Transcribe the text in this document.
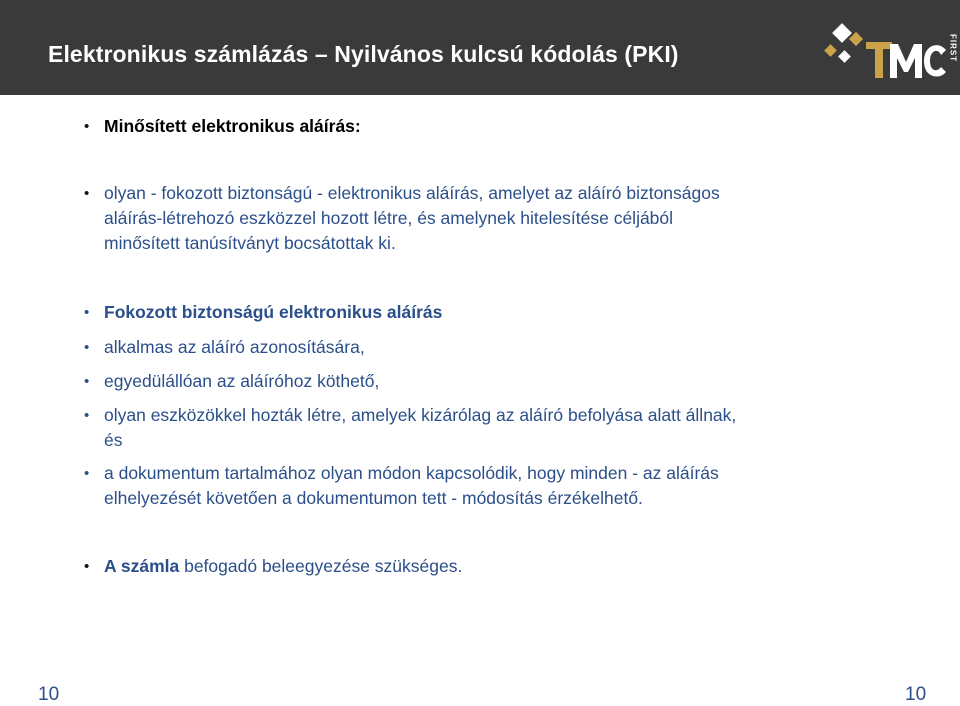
Elektronikus számlázás – Nyilvános kulcsú kódolás (PKI)	FIRST
• Minősített elektronikus aláírás:
• olyan - fokozott biztonságú - elektronikus aláírás, amelyet az aláíró biztonságos
aláírás-létrehozó eszközzel hozott létre, és amelynek hitelesítése céljából
minősített tanúsítványt bocsátottak ki.
• Fokozott biztonságú elektronikus aláírás
• alkalmas az aláíró azonosítására,
• egyedülállóan az aláíróhoz köthető,
• olyan eszközökkel hozták létre, amelyek kizárólag az aláíró befolyása alatt állnak,
és
• a dokumentum tartalmához olyan módon kapcsolódik, hogy minden - az aláírás
elhelyezését követően a dokumentumon tett - módosítás érzékelhető.
• A számla befogadó beleegyezése szükséges.
10	10
